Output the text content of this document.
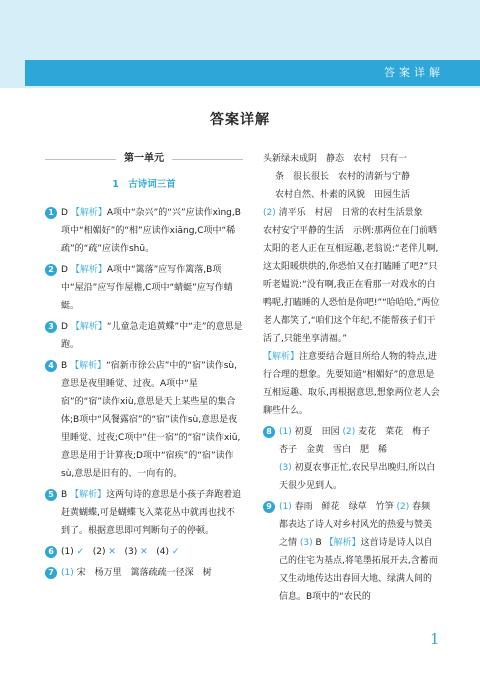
答案详解
答案详解
第一单元
1　古诗词三首
1 D 【解析】A项中“杂兴”的“兴”应读作xìng,B项中“相媚好”的“相”应读作xiāng,C项中“稀疏”的“疏”应读作shū。
2 D 【解析】A项中“篱落”应写作篱落,B项中“屋沿”应写作屋檐,C项中“蜻蜓”应写作蜻蜓。
3 D 【解析】“儿童急走追黄蝶”中“走”的意思是跑。
4 B 【解析】“宿新市徐公店”中的“宿”读作sù,意思是夜里睡觉、过夜。A项中“星宿”的“宿”读作xiù,意思是天上某些星的集合体;B项中“风餐露宿”的“宿”读作sù,意思是夜里睡觉、过夜;C项中“住一宿”的“宿”读作xiǔ,意思是用于计算夜;D项中“宿疾”的“宿”读作sù,意思是旧有的、一向有的。
5 B 【解析】这两句诗的意思是小孩子奔跑着追赶黄蝴蝶,可是蝴蝶飞入菜花丛中就再也找不到了。根据意思即可判断句子的停顿。
6 (1) ✓ (2) ✕ (3) ✕ (4) ✓
7 (1) 宋　杨万里　篱落疏疏一径深　树
头新绿未成阴　静态　农村　只有一
条　很长很长　农村的清新与宁静
农村自然、朴素的风貌　田园生活
(2) 清平乐　村居　日常的农村生活景象　农村安宁平静的生活　示例:那两位在门前晒太阳的老人正在互相逗趣,老翁说:“老伴儿啊,这太阳暖烘烘的,你恐怕又在打瞌睡了吧?”只听老媪说:“没有啊,我正在看那一对戏水的白鸭呢,打瞌睡的人恐怕是你吧!”“哈哈哈,”两位老人都笑了,“咱们这个年纪,不能帮孩子们干活了,只能坐享清福。”
【解析】注意要结合题目所给人物的特点,进行合理的想象。先要知道“相媚好”的意思是互相逗趣、取乐,再根据意思,想象两位老人会聊些什么。
8 (1) 初夏　田园 (2) 麦花　菜花　梅子　杏子　金黄　雪白　肥　稀
(3) 初夏农事正忙,农民早出晚归,所以白天很少见到人。
9 (1) 春雨　鲜花　绿草　竹笋 (2) 春频　都表达了诗人对乡村风光的热爱与赞美之情 (3) B 【解析】这首诗是诗人以自己的住宅为基点,将笔墨拓展开去,含蓄而又生动地传达出春回大地、绿满人间的信息。B项中的“农民的
1
